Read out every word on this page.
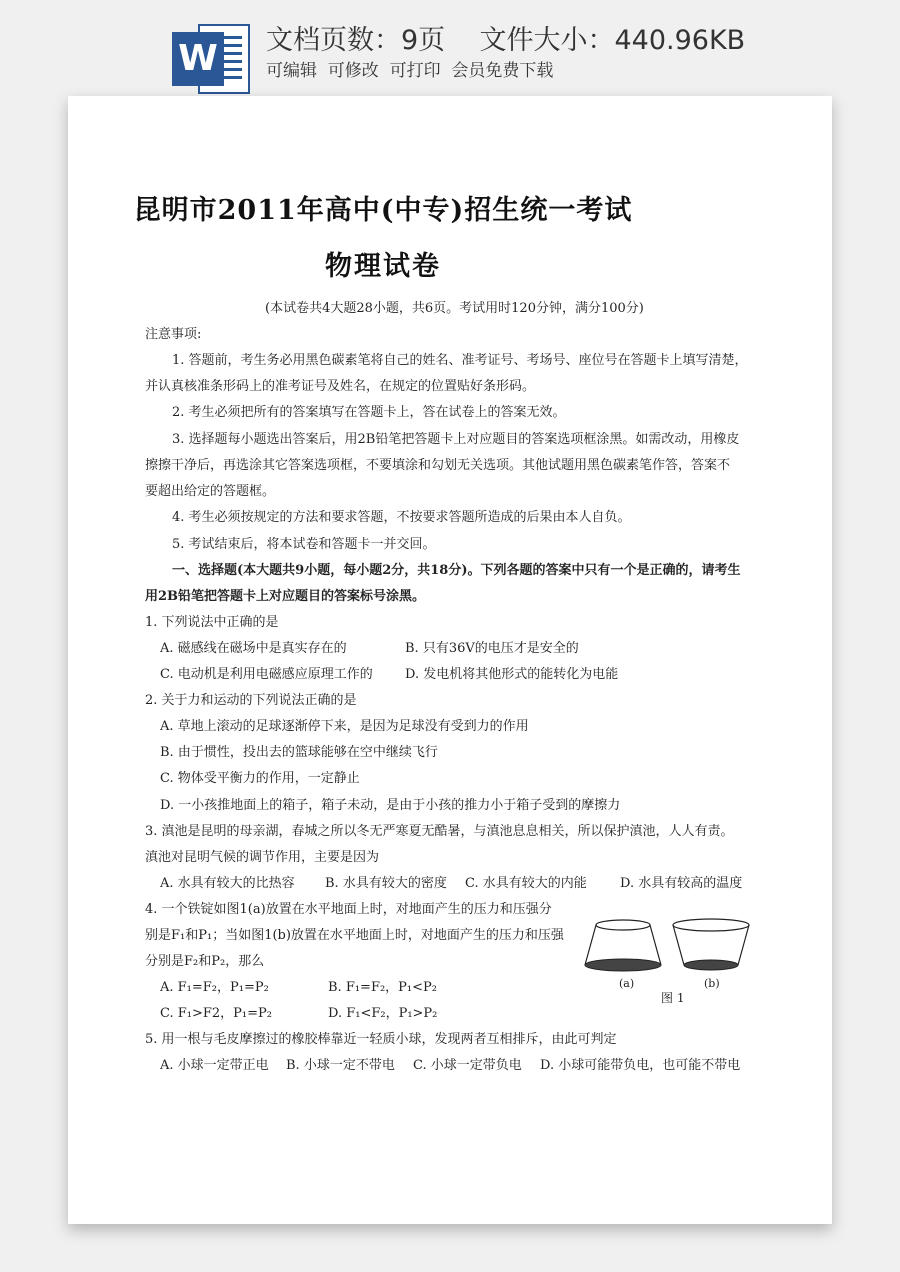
W 文档页数：9页    文件大小：440.96KB
可编辑  可修改  可打印  会员免费下载
昆明市2011年高中(中专)招生统一考试
物理试卷
(本试卷共4大题28小题，共6页。考试用时120分钟，满分100分)
注意事项:
1. 答题前，考生务必用黑色碳素笔将自己的姓名、准考证号、考场号、座位号在答题卡上填写清楚，
并认真核准条形码上的准考证号及姓名，在规定的位置贴好条形码。
2. 考生必须把所有的答案填写在答题卡上，答在试卷上的答案无效。
3. 选择题每小题选出答案后，用2B铅笔把答题卡上对应题目的答案选项框涂黑。如需改动，用橡皮
擦擦干净后，再选涂其它答案选项框，不要填涂和勾划无关选项。其他试题用黑色碳素笔作答，答案不
要超出给定的答题框。
4. 考生必须按规定的方法和要求答题，不按要求答题所造成的后果由本人自负。
5. 考试结束后，将本试卷和答题卡一并交回。
一、选择题(本大题共9小题，每小题2分，共18分)。下列各题的答案中只有一个是正确的，请考生
用2B铅笔把答题卡上对应题目的答案标号涂黑。
1. 下列说法中正确的是
A. 磁感线在磁场中是真实存在的	B. 只有36V的电压才是安全的
C. 电动机是利用电磁感应原理工作的 D. 发电机将其他形式的能转化为电能
2. 关于力和运动的下列说法正确的是
A. 草地上滚动的足球逐渐停下来，是因为足球没有受到力的作用
B. 由于惯性，投出去的篮球能够在空中继续飞行
C. 物体受平衡力的作用，一定静止
D. 一小孩推地面上的箱子，箱子未动，是由于小孩的推力小于箱子受到的摩擦力
3. 滇池是昆明的母亲湖，春城之所以冬无严寒夏无酷暑，与滇池息息相关，所以保护滇池，人人有责。
滇池对昆明气候的调节作用，主要是因为
A. 水具有较大的比热容 B. 水具有较大的密度 C. 水具有较大的内能	D. 水具有较高的温度
4. 一个铁锭如图1(a)放置在水平地面上时，对地面产生的压力和压强分
别是F₁和P₁；当如图1(b)放置在水平地面上时，对地面产生的压力和压强
分别是F₂和P₂，那么
A. F₁=F₂，P₁=P₂	B. F₁=F₂，P₁<P₂
C. F₁>F2，P₁=P₂	D. F₁<F₂，P₁>P₂
(a)	(b)
图 1
5. 用一根与毛皮摩擦过的橡胶棒靠近一轻质小球，发现两者互相排斥，由此可判定
A. 小球一定带正电 B. 小球一定不带电 C. 小球一定带负电 D. 小球可能带负电，也可能不带电
